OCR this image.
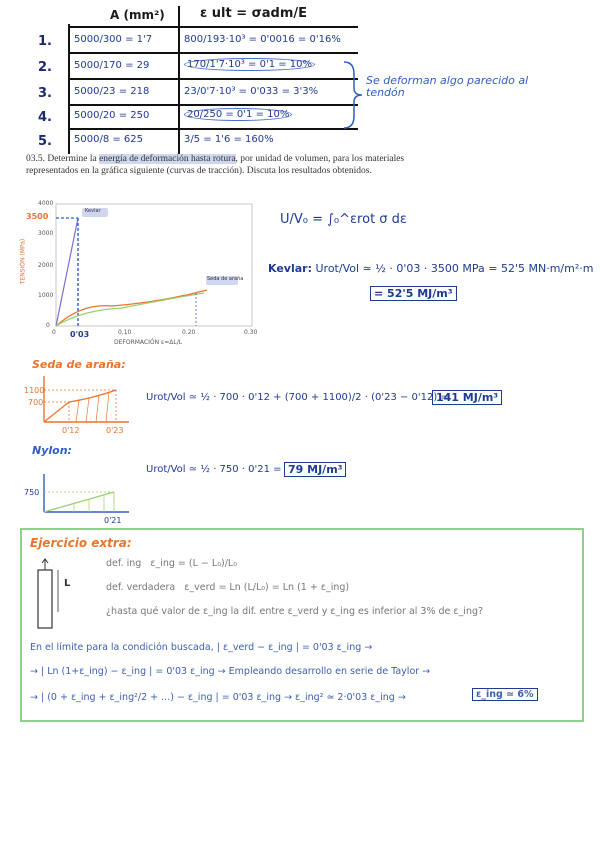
A (mm²)	ε ult = σadm/E
1. 5000/300 = 1'7	800/193·10³ = 0'0016 = 0'16%
2. 5000/170 = 29	170/1'7·10³ = 0'1 = 10%
3. 5000/23 = 218	23/0'7·10³ = 0'033 = 3'3%
4. 5000/20 = 250	20/250 = 0'1 = 10%
5. 5000/8 = 625	3/5 = 1'6 = 160%
Se deforman algo parecido al tendón
03.5. Determine la energía de deformación hasta rotura, por unidad de volumen, para los materiales representados en la gráfica siguiente (curvas de tracción). Discuta los resultados obtenidos.
Kevlar
Seda de araña
4000
3000
2000
1000
0
3500
0	0.10	0.20	0.30
0'03
DEFORMACIÓN ε=ΔL/L
TENSIÓN (MPa)
U/V₀ = ∫₀^εrot σ dε
Kevlar: Urot/Vol ≃ ½ · 0'03 · 3500 MPa = 52'5 MN·m/m²·m
= 52'5 MJ/m³
Seda de araña:
1100
700
0'12	0'23
Urot/Vol ≃ ½ · 700 · 0'12 + (700 + 1100)/2 · (0'23 − 0'12) =
141 MJ/m³
Nylon:
750
0'21
Urot/Vol ≃ ½ · 750 · 0'21 = 79 MJ/m³
Ejercicio extra:
L
def. ing ε_ing = (L − L₀)/L₀
def. verdadera ε_verd = Ln (L/L₀) = Ln (1 + ε_ing)
¿hasta qué valor de ε_ing la dif. entre ε_verd y ε_ing es inferior al 3% de ε_ing?
En el límite para la condición buscada, | ε_verd − ε_ing | = 0'03 ε_ing →
→ | Ln (1+ε_ing) − ε_ing | = 0'03 ε_ing → Empleando desarrollo en serie de Taylor →
→ | (0 + ε_ing + ε_ing²/2 + ...) − ε_ing | = 0'03 ε_ing → ε_ing² ≃ 2·0'03 ε_ing →	ε_ing ≃ 6%
